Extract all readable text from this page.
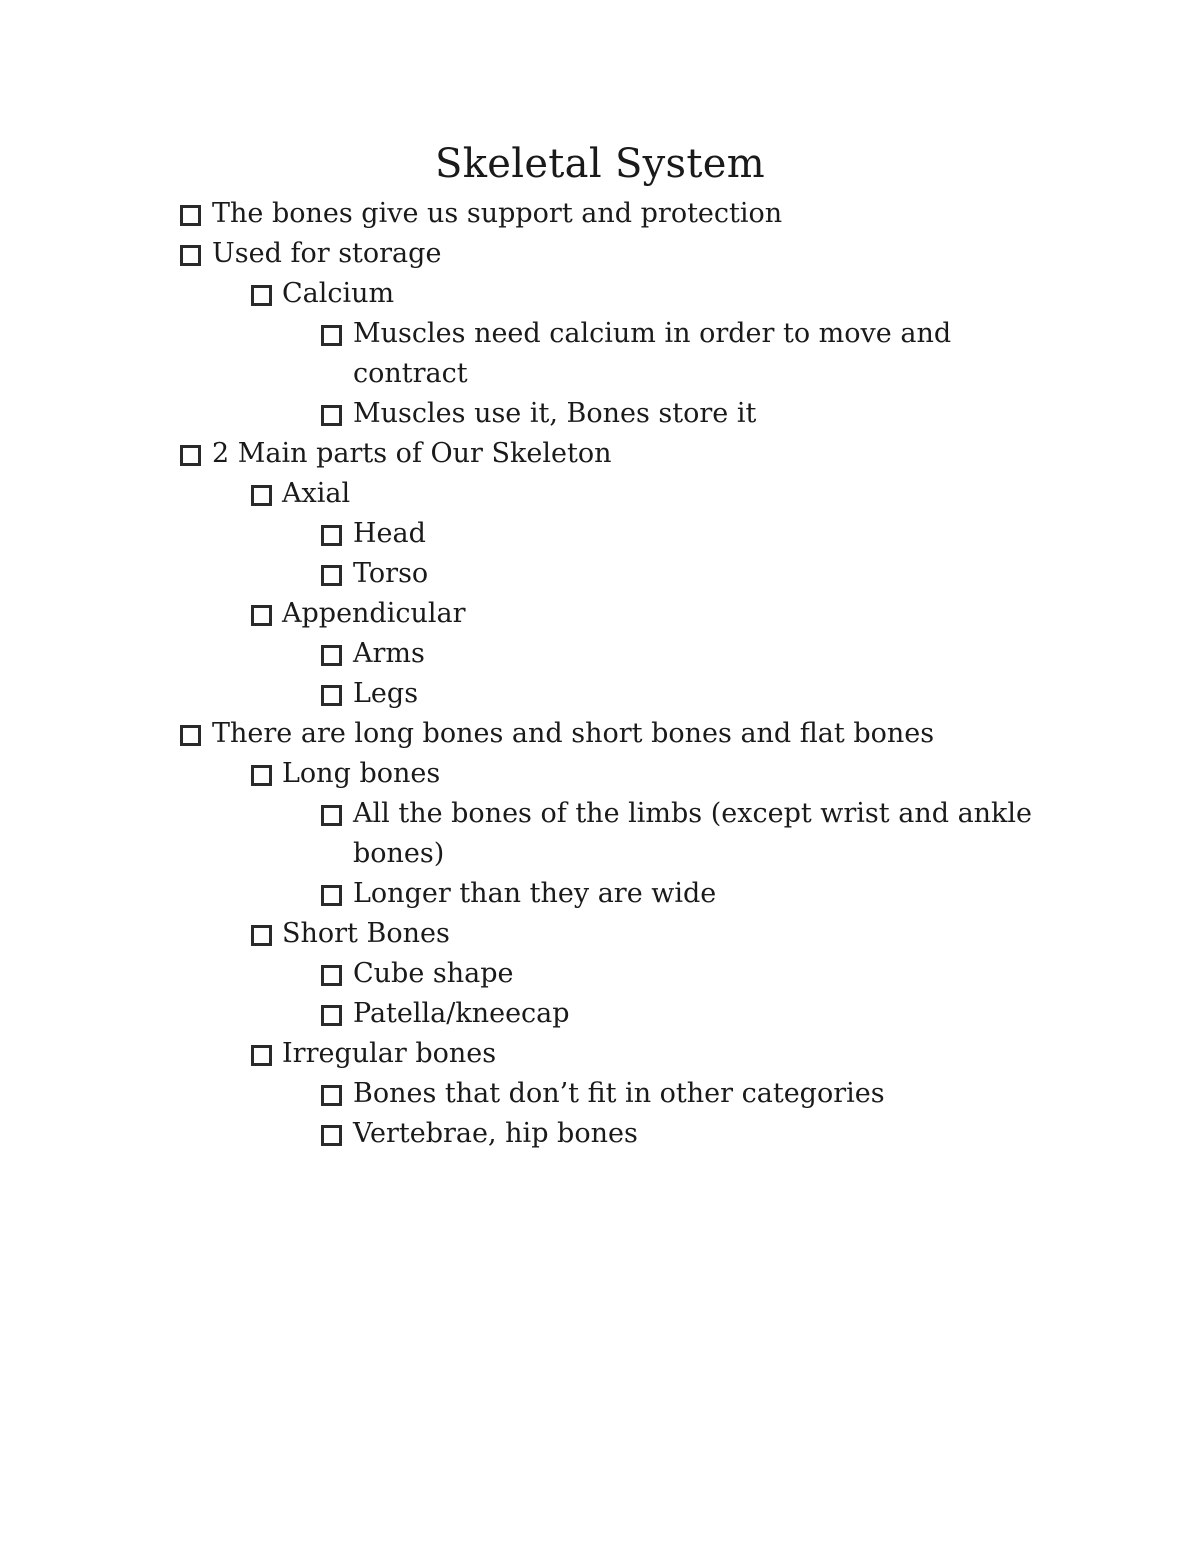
Skeletal System
The bones give us support and protection
Used for storage
Calcium
Muscles need calcium in order to move and contract
Muscles use it, Bones store it
2 Main parts of Our Skeleton
Axial
Head
Torso
Appendicular
Arms
Legs
There are long bones and short bones and flat bones
Long bones
All the bones of the limbs (except wrist and ankle bones)
Longer than they are wide
Short Bones
Cube shape
Patella/kneecap
Irregular bones
Bones that don’t fit in other categories
Vertebrae, hip bones
